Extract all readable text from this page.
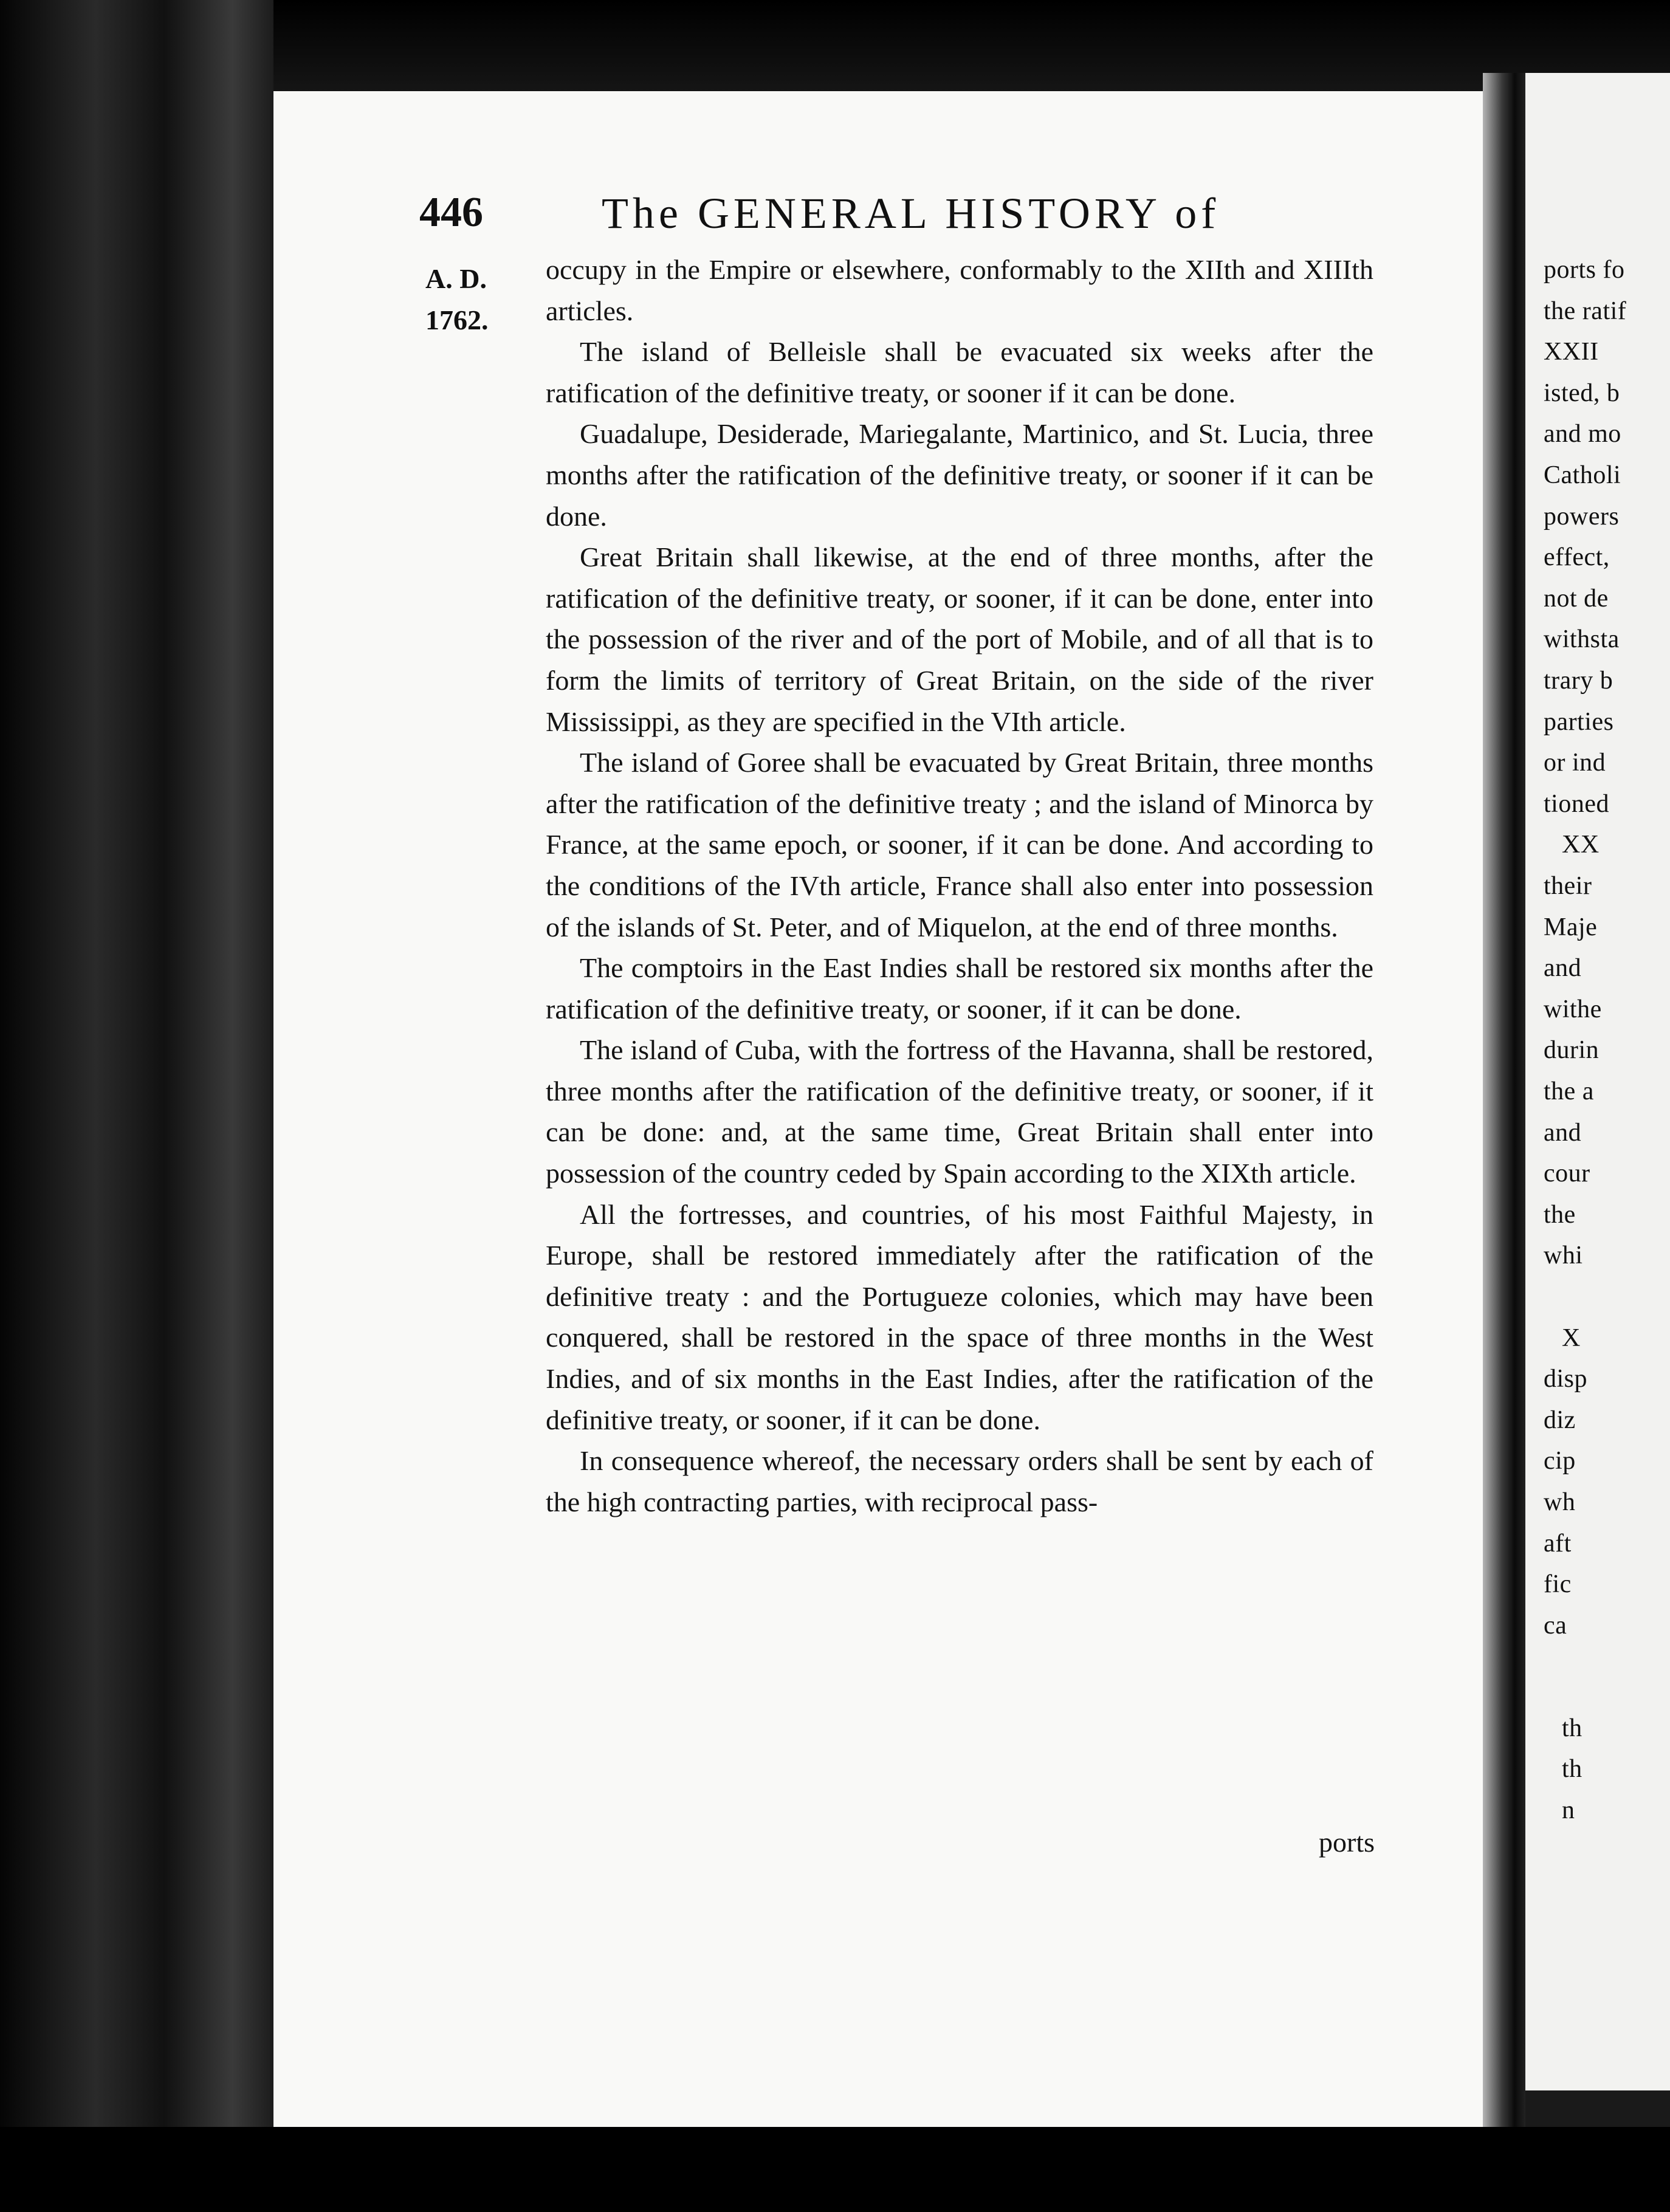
ports fo
the ratif
XXII
isted, b
and mo
Catholi
powers
effect,
not de
withsta
trary b
parties
or ind
tioned
XX
their
Maje
and
withe
durin
the a
and
cour
the
whi
X
disp
diz
cip
wh
aft
fic
ca
th
th
n
446	The GENERAL HISTORY of
A. D.
1762.

occupy in the Empire or elsewhere, conformably to the XIIth and XIIIth articles.

The island of Belleisle shall be evacuated six weeks after the ratification of the definitive treaty, or sooner if it can be done.

Guadalupe, Desiderade, Mariegalante, Martinico, and St. Lucia, three months after the ratification of the definitive treaty, or sooner if it can be done.

Great Britain shall likewise, at the end of three months, after the ratification of the definitive treaty, or sooner, if it can be done, enter into the possession of the river and of the port of Mobile, and of all that is to form the limits of territory of Great Britain, on the side of the river Mississippi, as they are specified in the VIth article.

The island of Goree shall be evacuated by Great Britain, three months after the ratification of the definitive treaty ; and the island of Minorca by France, at the same epoch, or sooner, if it can be done. And according to the conditions of the IVth article, France shall also enter into possession of the islands of St. Peter, and of Miquelon, at the end of three months.

The comptoirs in the East Indies shall be restored six months after the ratification of the definitive treaty, or sooner, if it can be done.

The island of Cuba, with the fortress of the Havanna, shall be restored, three months after the ratification of the definitive treaty, or sooner, if it can be done: and, at the same time, Great Britain shall enter into possession of the country ceded by Spain according to the XIXth article.

All the fortresses, and countries, of his most Faithful Majesty, in Europe, shall be restored immediately after the ratification of the definitive treaty : and the Portugueze colonies, which may have been conquered, shall be restored in the space of three months in the West Indies, and of six months in the East Indies, after the ratification of the definitive treaty, or sooner, if it can be done.

In consequence whereof, the necessary orders shall be sent by each of the high contracting parties, with reciprocal pass-

ports
